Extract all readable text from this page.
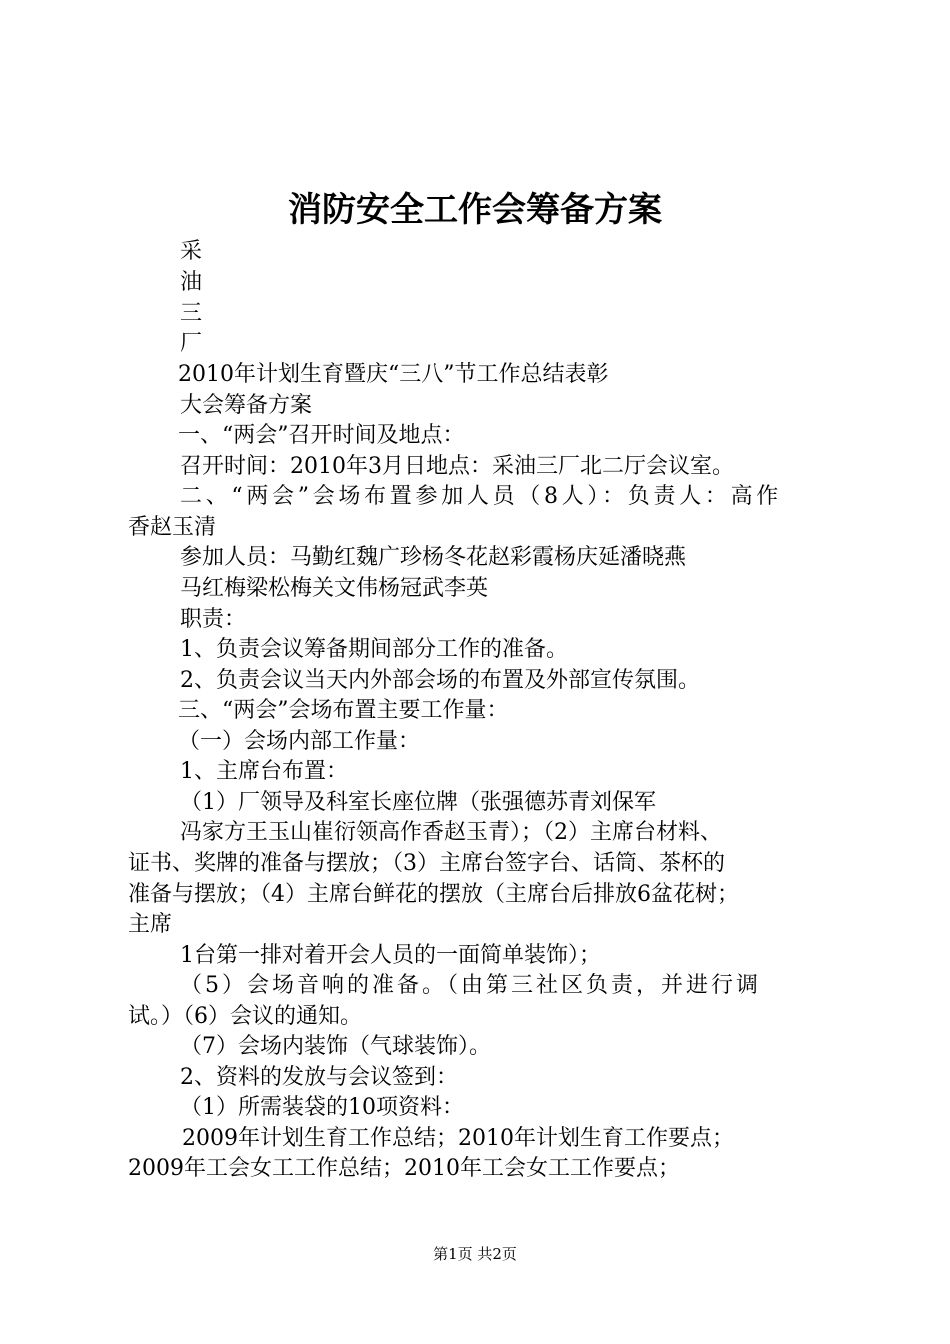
消防安全工作会筹备方案
采
油
三
厂
2010年计划生育暨庆“三八”节工作总结表彰
大会筹备方案
一、“两会”召开时间及地点：
召开时间：2010年3月日地点：采油三厂北二厅会议室。
二、“两会”会场布置参加人员（8人）：负责人：高作
香赵玉清
参加人员：马勤红魏广珍杨冬花赵彩霞杨庆延潘晓燕
马红梅梁松梅关文伟杨冠武李英
职责：
1、负责会议筹备期间部分工作的准备。
2、负责会议当天内外部会场的布置及外部宣传氛围。
三、“两会”会场布置主要工作量：
（一）会场内部工作量：
1、主席台布置：
（1）厂领导及科室长座位牌（张强德苏青刘保军
冯家方王玉山崔衍领高作香赵玉青）；（2）主席台材料、
证书、奖牌的准备与摆放；（3）主席台签字台、话筒、茶杯的
准备与摆放；（4）主席台鲜花的摆放（主席台后排放6盆花树；
主席
1台第一排对着开会人员的一面简单装饰）；
（5）会场音响的准备。（由第三社区负责，并进行调
试。）（6）会议的通知。
（7）会场内装饰（气球装饰）。
2、资料的发放与会议签到：
（1）所需装袋的10项资料：
2009年计划生育工作总结；2010年计划生育工作要点；
2009年工会女工工作总结；2010年工会女工工作要点；
第1页 共2页
